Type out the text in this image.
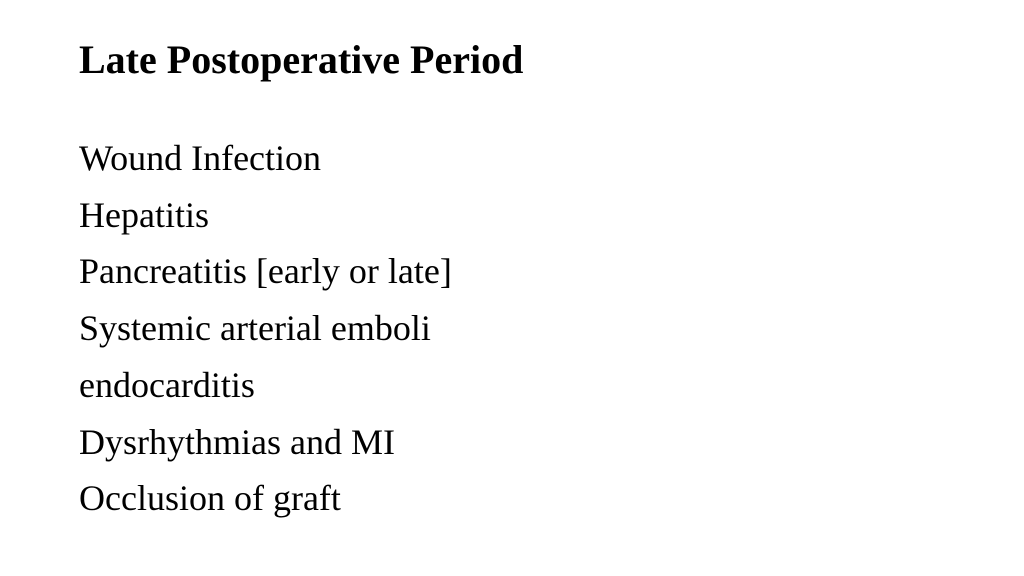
Late Postoperative Period
Wound Infection
Hepatitis
Pancreatitis [early or late]
Systemic arterial emboli
endocarditis
Dysrhythmias and MI
Occlusion of graft
